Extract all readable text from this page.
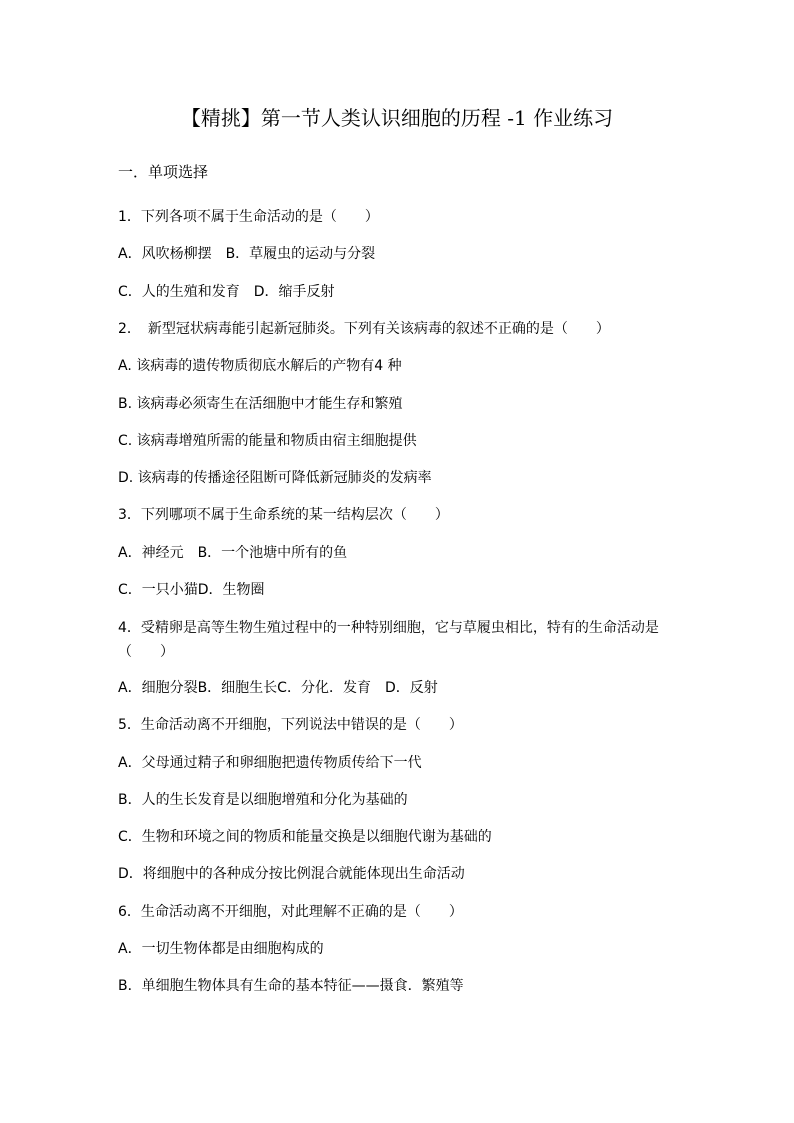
【精挑】第一节人类认识细胞的历程 -1 作业练习
一．单项选择
1．下列各项不属于生命活动的是（　　）
A．风吹杨柳摆　B．草履虫的运动与分裂
C．人的生殖和发育　D．缩手反射
2．　新型冠状病毒能引起新冠肺炎。下列有关该病毒的叙述不正确的是（　　）
A. 该病毒的遗传物质彻底水解后的产物有4 种
B. 该病毒必须寄生在活细胞中才能生存和繁殖
C. 该病毒增殖所需的能量和物质由宿主细胞提供
D. 该病毒的传播途径阻断可降低新冠肺炎的发病率
3．下列哪项不属于生命系统的某一结构层次（　　）
A．神经元　B．一个池塘中所有的鱼
C．一只小猫D．生物圈
4．受精卵是高等生物生殖过程中的一种特别细胞，它与草履虫相比，特有的生命活动是（　　）
A．细胞分裂B．细胞生长C．分化．发育　D．反射
5．生命活动离不开细胞，下列说法中错误的是（　　）
A．父母通过精子和卵细胞把遗传物质传给下一代
B．人的生长发育是以细胞增殖和分化为基础的
C．生物和环境之间的物质和能量交换是以细胞代谢为基础的
D．将细胞中的各种成分按比例混合就能体现出生命活动
6．生命活动离不开细胞，对此理解不正确的是（　　）
A．一切生物体都是由细胞构成的
B．单细胞生物体具有生命的基本特征——摄食．繁殖等
